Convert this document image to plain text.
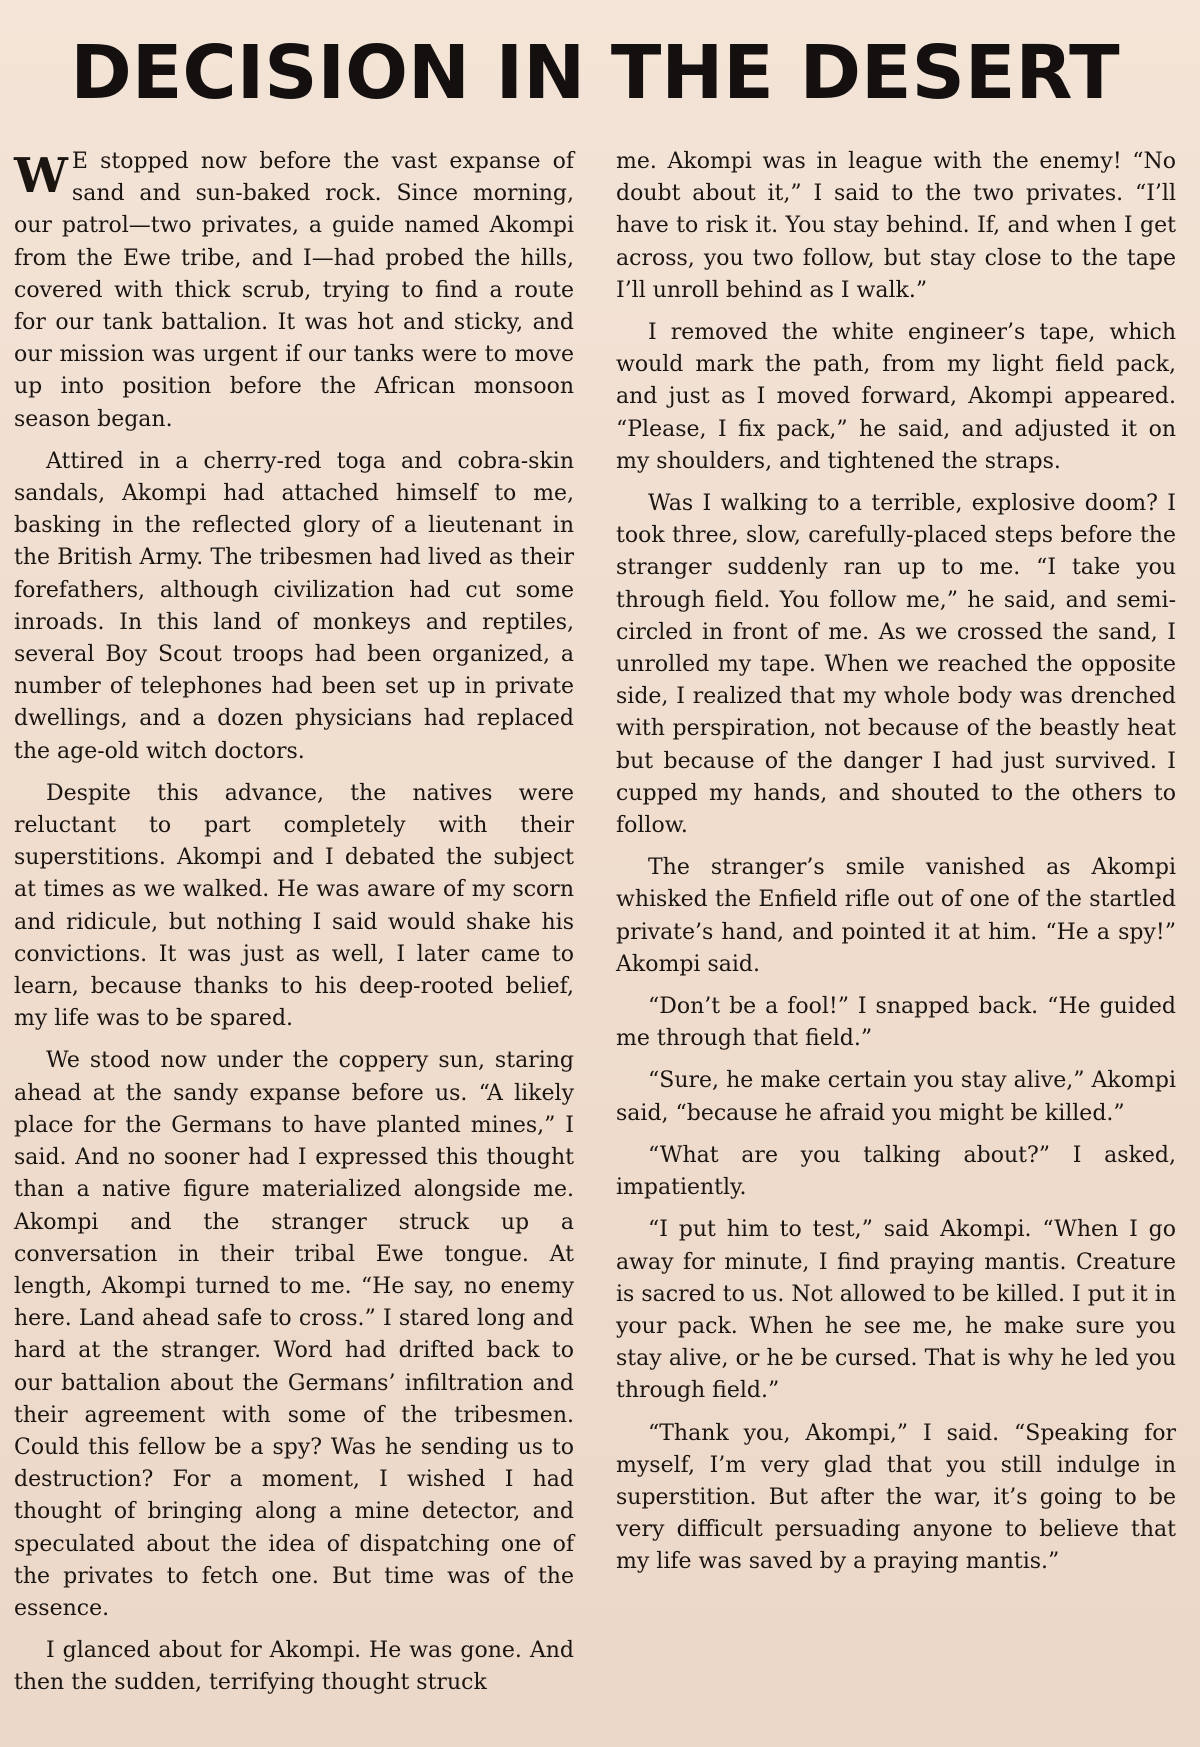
DECISION IN THE DESERT

W E stopped now before the vast expanse of sand and sun-baked rock. Since morning, our patrol—two privates, a guide named Akompi from the Ewe tribe, and I—had probed the hills, covered with thick scrub, trying to find a route for our tank battalion. It was hot and sticky, and our mission was urgent if our tanks were to move up into position before the African monsoon season began.

Attired in a cherry-red toga and cobra-skin sandals, Akompi had attached himself to me, basking in the reflected glory of a lieutenant in the British Army. The tribesmen had lived as their forefathers, although civilization had cut some inroads. In this land of monkeys and reptiles, several Boy Scout troops had been organized, a number of telephones had been set up in private dwellings, and a dozen physicians had replaced the age-old witch doctors.

Despite this advance, the natives were reluctant to part completely with their superstitions. Akompi and I debated the subject at times as we walked. He was aware of my scorn and ridicule, but nothing I said would shake his convictions. It was just as well, I later came to learn, because thanks to his deep-rooted belief, my life was to be spared.

We stood now under the coppery sun, staring ahead at the sandy expanse before us. “A likely place for the Germans to have planted mines,” I said. And no sooner had I expressed this thought than a native figure materialized alongside me. Akompi and the stranger struck up a conversation in their tribal Ewe tongue. At length, Akompi turned to me. “He say, no enemy here. Land ahead safe to cross.” I stared long and hard at the stranger. Word had drifted back to our battalion about the Germans’ infiltration and their agreement with some of the tribesmen. Could this fellow be a spy? Was he sending us to destruction? For a moment, I wished I had thought of bringing along a mine detector, and speculated about the idea of dispatching one of the privates to fetch one. But time was of the essence.

I glanced about for Akompi. He was gone. And then the sudden, terrifying thought struck

me. Akompi was in league with the enemy! “No doubt about it,” I said to the two privates. “I’ll have to risk it. You stay behind. If, and when I get across, you two follow, but stay close to the tape I’ll unroll behind as I walk.”

I removed the white engineer’s tape, which would mark the path, from my light field pack, and just as I moved forward, Akompi appeared. “Please, I fix pack,” he said, and adjusted it on my shoulders, and tightened the straps.

Was I walking to a terrible, explosive doom? I took three, slow, carefully-placed steps before the stranger suddenly ran up to me. “I take you through field. You follow me,” he said, and semi-circled in front of me. As we crossed the sand, I unrolled my tape. When we reached the opposite side, I realized that my whole body was drenched with perspiration, not because of the beastly heat but because of the danger I had just survived. I cupped my hands, and shouted to the others to follow.

The stranger’s smile vanished as Akompi whisked the Enfield rifle out of one of the startled private’s hand, and pointed it at him. “He a spy!” Akompi said.

“Don’t be a fool!” I snapped back. “He guided me through that field.”

“Sure, he make certain you stay alive,” Akompi said, “because he afraid you might be killed.”

“What are you talking about?” I asked, impatiently.

“I put him to test,” said Akompi. “When I go away for minute, I find praying mantis. Creature is sacred to us. Not allowed to be killed. I put it in your pack. When he see me, he make sure you stay alive, or he be cursed. That is why he led you through field.”

“Thank you, Akompi,” I said. “Speaking for myself, I’m very glad that you still indulge in superstition. But after the war, it’s going to be very difficult persuading anyone to believe that my life was saved by a praying mantis.”
